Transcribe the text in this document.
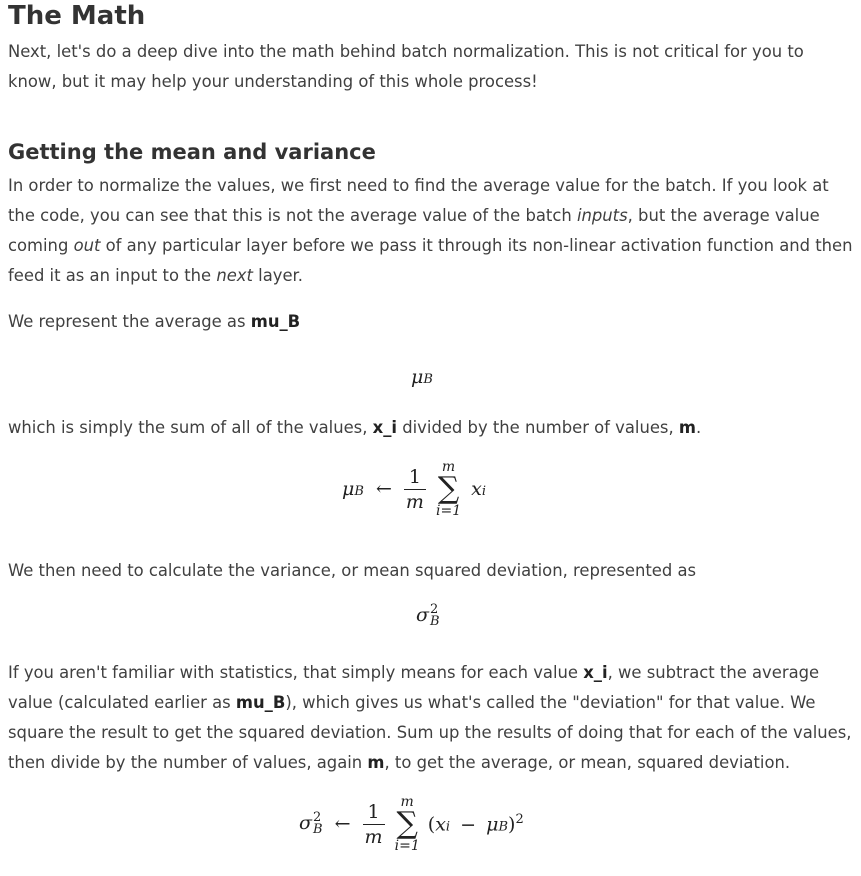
The Math

Next, let's do a deep dive into the math behind batch normalization. This is not critical for you to know, but it may help your understanding of this whole process!

Getting the mean and variance

In order to normalize the values, we first need to find the average value for the batch. If you look at the code, you can see that this is not the average value of the batch inputs, but the average value coming out of any particular layer before we pass it through its non-linear activation function and then feed it as an input to the next layer.

We represent the average as mu_B

μB

which is simply the sum of all of the values, x_i divided by the number of values, m.

μB ← $\frac{1}{m}$
	m
∑
i=1
xi

We then need to calculate the variance, or mean squared deviation, represented as

σ 2
B

If you aren't familiar with statistics, that simply means for each value x_i, we subtract the average value (calculated earlier as mu_B), which gives us what's called the "deviation" for that value. We square the result to get the squared deviation. Sum up the results of doing that for each of the values, then divide by the number of values, again m, to get the average, or mean, squared deviation.

σ 2
B ← $\frac{1}{m}$
	m
∑
i=1
(xi − μB)$^2$
